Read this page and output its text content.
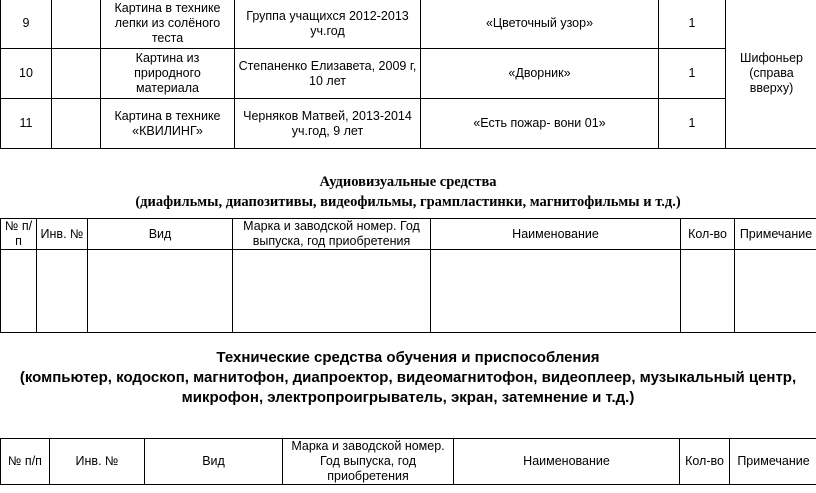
9		Картина в технике лепки из солёного теста	Группа учащихся 2012-2013 уч.год	«Цветочный узор»	1	Шифоньер (справа вверху)
10		Картина из природного материала	Степаненко Елизавета, 2009 г, 10 лет	«Дворник»	1	
11		Картина в технике «КВИЛИНГ»	Черняков Матвей, 2013-2014 уч.год, 9 лет	«Есть пожар- вони 01»	1	
Аудиовизуальные средства
(диафильмы, диапозитивы, видеофильмы, грампластинки, магнитофильмы и т.д.)
№ п/п	Инв. №	Вид	Марка и заводской номер. Год выпуска, год приобретения	Наименование	Кол-во	Примечание

Технические средства обучения и приспособления
(компьютер, кодоскоп, магнитофон, диапроектор, видеомагнитофон, видеоплеер, музыкальный центр,
микрофон, электропроигрыватель, экран, затемнение и т.д.)
№ п/п	Инв. №	Вид	Марка и заводской номер. Год выпуска, год приобретения	Наименование	Кол-во	Примечание
